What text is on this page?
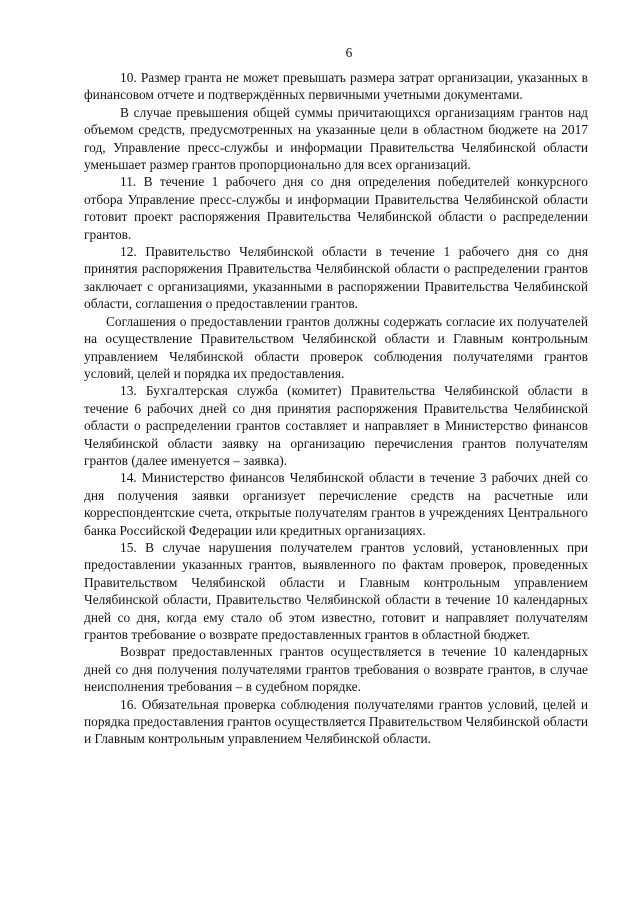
6

10. Размер гранта не может превышать размера затрат организации, указанных в финансовом отчете и подтверждённых первичными учетными документами.

В случае превышения общей суммы причитающихся организациям грантов над объемом средств, предусмотренных на указанные цели в областном бюджете на 2017 год, Управление пресс-службы и информации Правительства Челябинской области уменьшает размер грантов пропорционально для всех организаций.

11. В течение 1 рабочего дня со дня определения победителей конкурсного отбора Управление пресс-службы и информации Правительства Челябинской области готовит проект распоряжения Правительства Челябинской области о распределении грантов.

12. Правительство Челябинской области в течение 1 рабочего дня со дня принятия распоряжения Правительства Челябинской области о распределении грантов заключает с организациями, указанными в распоряжении Правительства Челябинской области, соглашения о предоставлении грантов.

Соглашения о предоставлении грантов должны содержать согласие их получателей на осуществление Правительством Челябинской области и Главным контрольным управлением Челябинской области проверок соблюдения получателями грантов условий, целей и порядка их предоставления.

13. Бухгалтерская служба (комитет) Правительства Челябинской области в течение 6 рабочих дней со дня принятия распоряжения Правительства Челябинской области о распределении грантов составляет и направляет в Министерство финансов Челябинской области заявку на организацию перечисления грантов получателям грантов (далее именуется – заявка).

14. Министерство финансов Челябинской области в течение 3 рабочих дней со дня получения заявки организует перечисление средств на расчетные или корреспондентские счета, открытые получателям грантов в учреждениях Центрального банка Российской Федерации или кредитных организациях.

15. В случае нарушения получателем грантов условий, установленных при предоставлении указанных грантов, выявленного по фактам проверок, проведенных Правительством Челябинской области и Главным контрольным управлением Челябинской области, Правительство Челябинской области в течение 10 календарных дней со дня, когда ему стало об этом известно, готовит и направляет получателям грантов требование о возврате предоставленных грантов в областной бюджет.

Возврат предоставленных грантов осуществляется в течение 10 календарных дней со дня получения получателями грантов требования о возврате грантов, в случае неисполнения требования – в судебном порядке.

16. Обязательная проверка соблюдения получателями грантов условий, целей и порядка предоставления грантов осуществляется Правительством Челябинской области и Главным контрольным управлением Челябинской области.
